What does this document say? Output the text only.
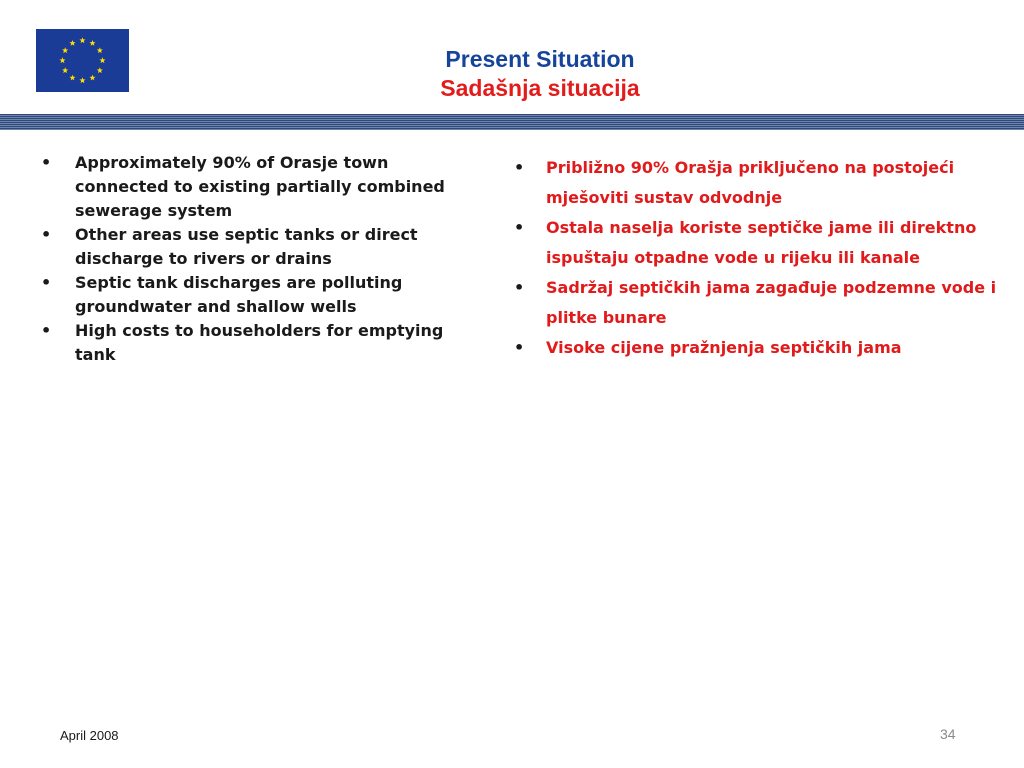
Present Situation
Sadašnja situacija
• Approximately 90% of Orasje town connected to existing partially combined sewerage system
• Other areas use septic tanks or direct discharge to rivers or drains
• Septic tank discharges are polluting groundwater and shallow wells
• High costs to householders for emptying tank
• Približno 90% Orašja priključeno na postojeći mješoviti sustav odvodnje
• Ostala naselja koriste septičke jame ili direktno ispuštaju otpadne vode u rijeku ili kanale
• Sadržaj septičkih jama zagađuje podzemne vode i plitke bunare
• Visoke cijene pražnjenja septičkih jama
April 2008	34
